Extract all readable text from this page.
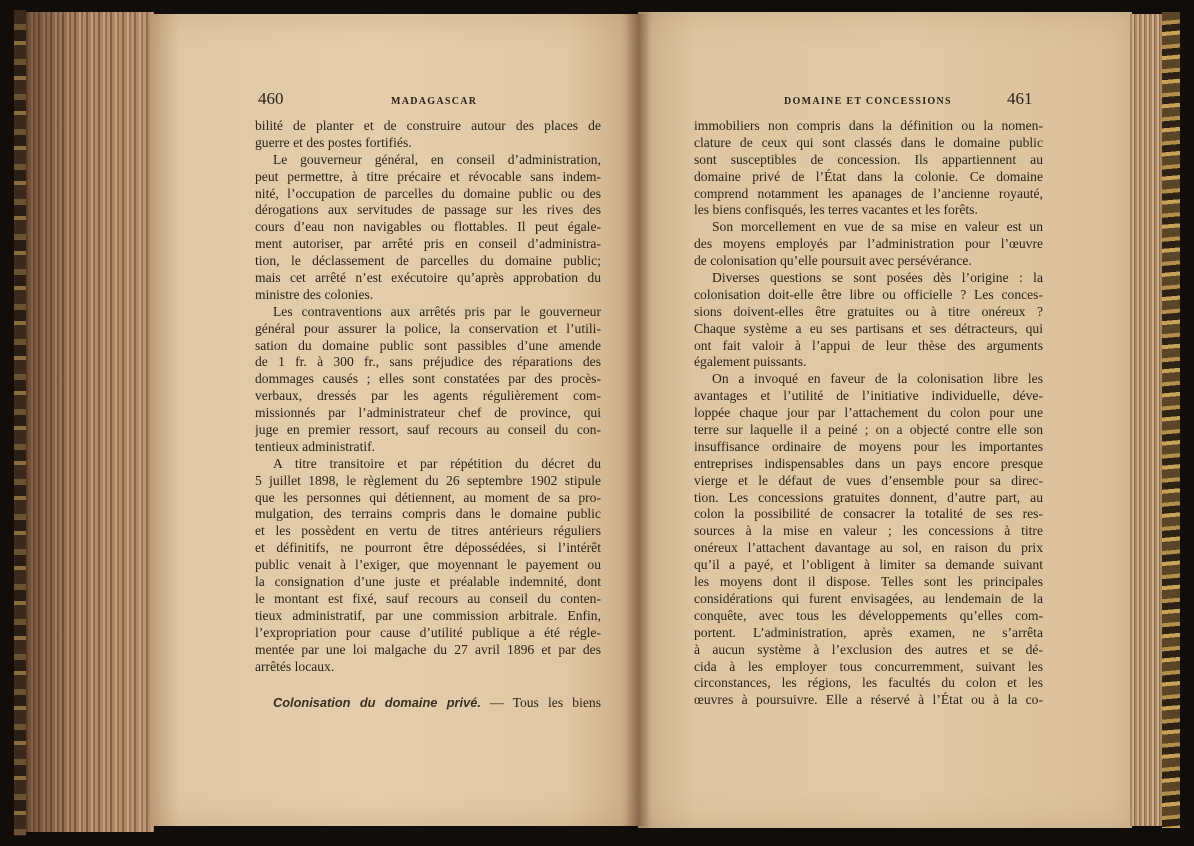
460	MADAGASCAR	DOMAINE ET CONCESSIONS	461
bilité de planter et de construire autour des places de
guerre et des postes fortifiés.
Le gouverneur général, en conseil d’administration,
peut permettre, à titre précaire et révocable sans indem-
nité, l’occupation de parcelles du domaine public ou des
dérogations aux servitudes de passage sur les rives des
cours d’eau non navigables ou flottables. Il peut égale-
ment autoriser, par arrêté pris en conseil d’administra-
tion, le déclassement de parcelles du domaine public;
mais cet arrêté n’est exécutoire qu’après approbation du
ministre des colonies.
Les contraventions aux arrêtés pris par le gouverneur
général pour assurer la police, la conservation et l’utili-
sation du domaine public sont passibles d’une amende
de 1 fr. à 300 fr., sans préjudice des réparations des
dommages causés ; elles sont constatées par des procès-
verbaux, dressés par les agents régulièrement com-
missionnés par l’administrateur chef de province, qui
juge en premier ressort, sauf recours au conseil du con-
tentieux administratif.
A titre transitoire et par répétition du décret du
5 juillet 1898, le règlement du 26 septembre 1902 stipule
que les personnes qui détiennent, au moment de sa pro-
mulgation, des terrains compris dans le domaine public
et les possèdent en vertu de titres antérieurs réguliers
et définitifs, ne pourront être dépossédées, si l’intérêt
public venait à l’exiger, que moyennant le payement ou
la consignation d’une juste et préalable indemnité, dont
le montant est fixé, sauf recours au conseil du conten-
tieux administratif, par une commission arbitrale. Enfin,
l’expropriation pour cause d’utilité publique a été régle-
mentée par une loi malgache du 27 avril 1896 et par des
arrêtés locaux.
Colonisation du domaine privé. — Tous les biens
immobiliers non compris dans la définition ou la nomen-
clature de ceux qui sont classés dans le domaine public
sont susceptibles de concession. Ils appartiennent au
domaine privé de l’État dans la colonie. Ce domaine
comprend notamment les apanages de l’ancienne royauté,
les biens confisqués, les terres vacantes et les forêts.
Son morcellement en vue de sa mise en valeur est un
des moyens employés par l’administration pour l’œuvre
de colonisation qu’elle poursuit avec persévérance.
Diverses questions se sont posées dès l’origine : la
colonisation doit-elle être libre ou officielle ? Les conces-
sions doivent-elles être gratuites ou à titre onéreux ?
Chaque système a eu ses partisans et ses détracteurs, qui
ont fait valoir à l’appui de leur thèse des arguments
également puissants.
On a invoqué en faveur de la colonisation libre les
avantages et l’utilité de l’initiative individuelle, déve-
loppée chaque jour par l’attachement du colon pour une
terre sur laquelle il a peiné ; on a objecté contre elle son
insuffisance ordinaire de moyens pour les importantes
entreprises indispensables dans un pays encore presque
vierge et le défaut de vues d’ensemble pour sa direc-
tion. Les concessions gratuites donnent, d’autre part, au
colon la possibilité de consacrer la totalité de ses res-
sources à la mise en valeur ; les concessions à titre
onéreux l’attachent davantage au sol, en raison du prix
qu’il a payé, et l’obligent à limiter sa demande suivant
les moyens dont il dispose. Telles sont les principales
considérations qui furent envisagées, au lendemain de la
conquête, avec tous les développements qu’elles com-
portent. L’administration, après examen, ne s’arrêta
à aucun système à l’exclusion des autres et se dé-
cida à les employer tous concurremment, suivant les
circonstances, les régions, les facultés du colon et les
œuvres à poursuivre. Elle a réservé à l’État ou à la co-
